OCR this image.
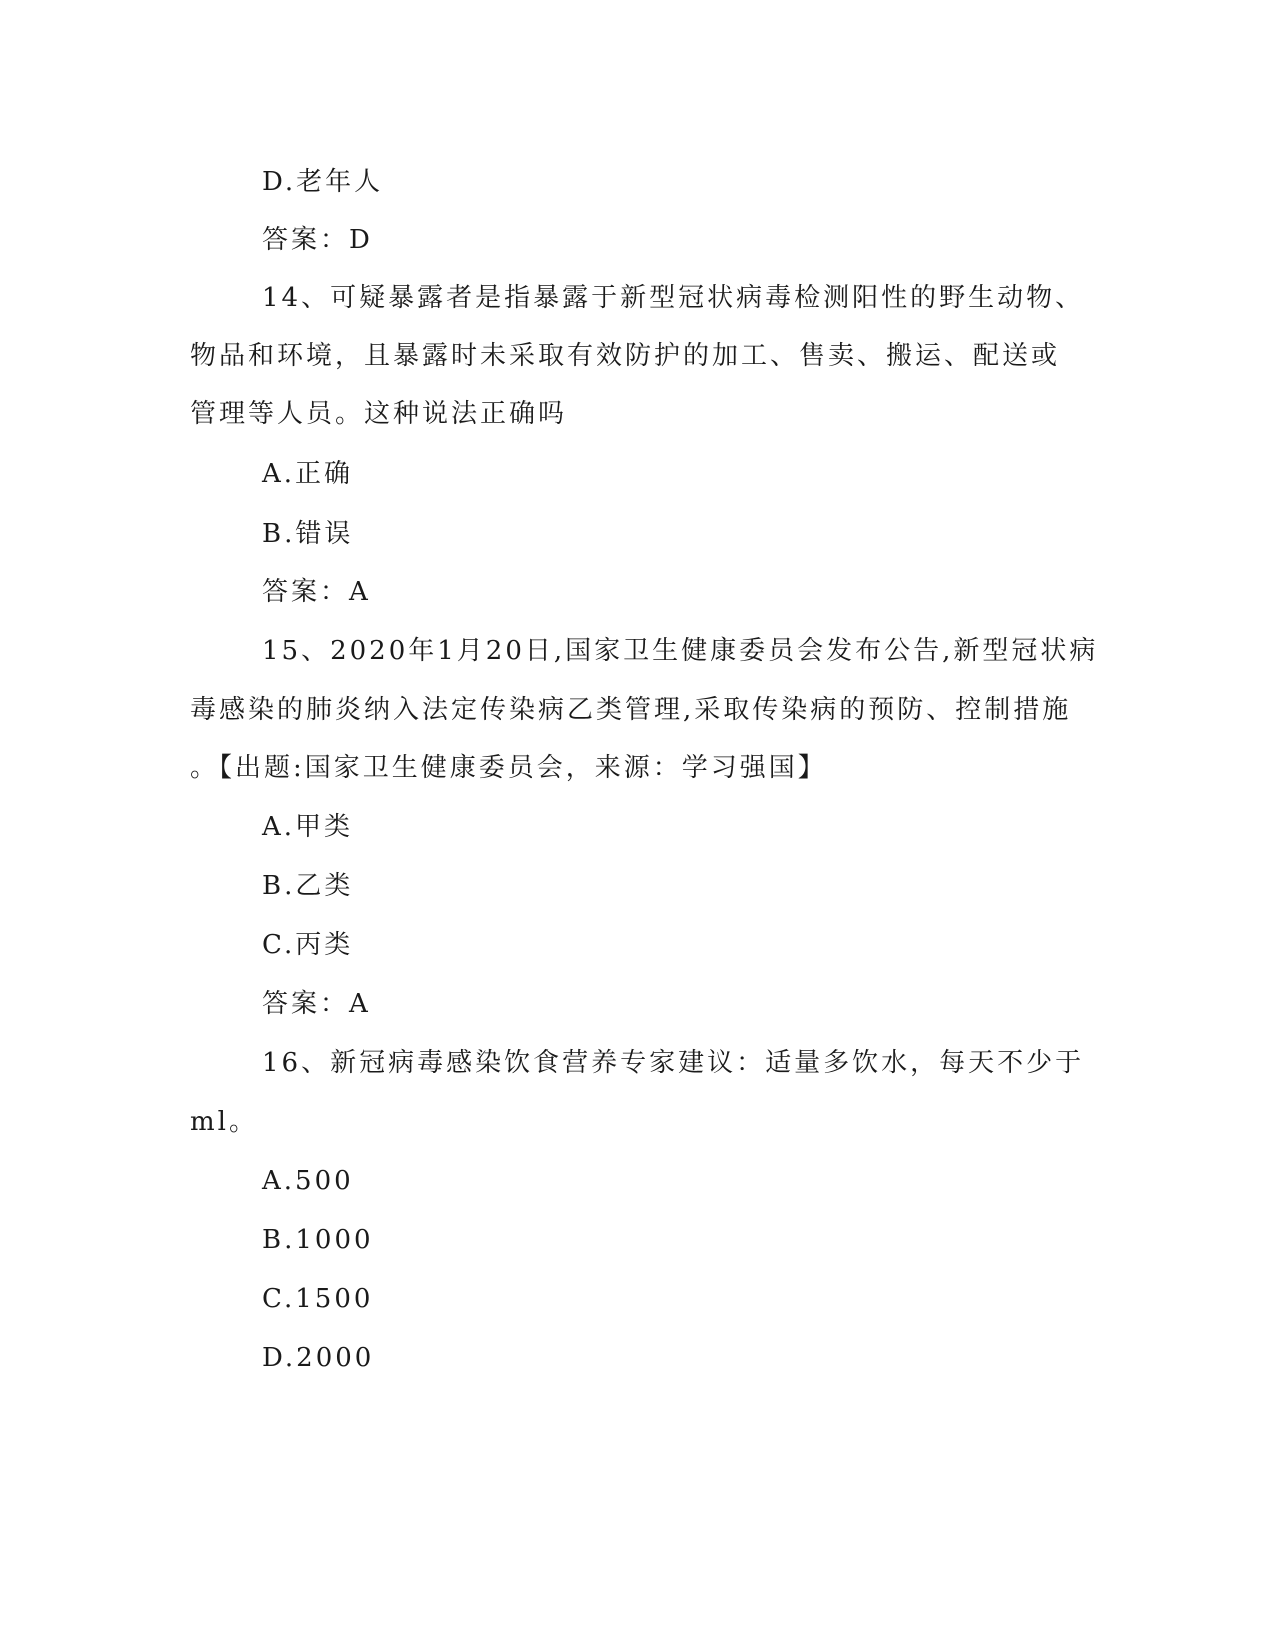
D.老年人
答案：D
14、可疑暴露者是指暴露于新型冠状病毒检测阳性的野生动物、
物品和环境，且暴露时未采取有效防护的加工、售卖、搬运、配送或
管理等人员。这种说法正确吗
A.正确
B.错误
答案：A
15、2020年1月20日,国家卫生健康委员会发布公告,新型冠状病
毒感染的肺炎纳入法定传染病乙类管理,采取传染病的预防、控制措施
。【出题:国家卫生健康委员会，来源：学习强国】
A.甲类
B.乙类
C.丙类
答案：A
16、新冠病毒感染饮食营养专家建议：适量多饮水，每天不少于
ml。
A.500
B.1000
C.1500
D.2000
